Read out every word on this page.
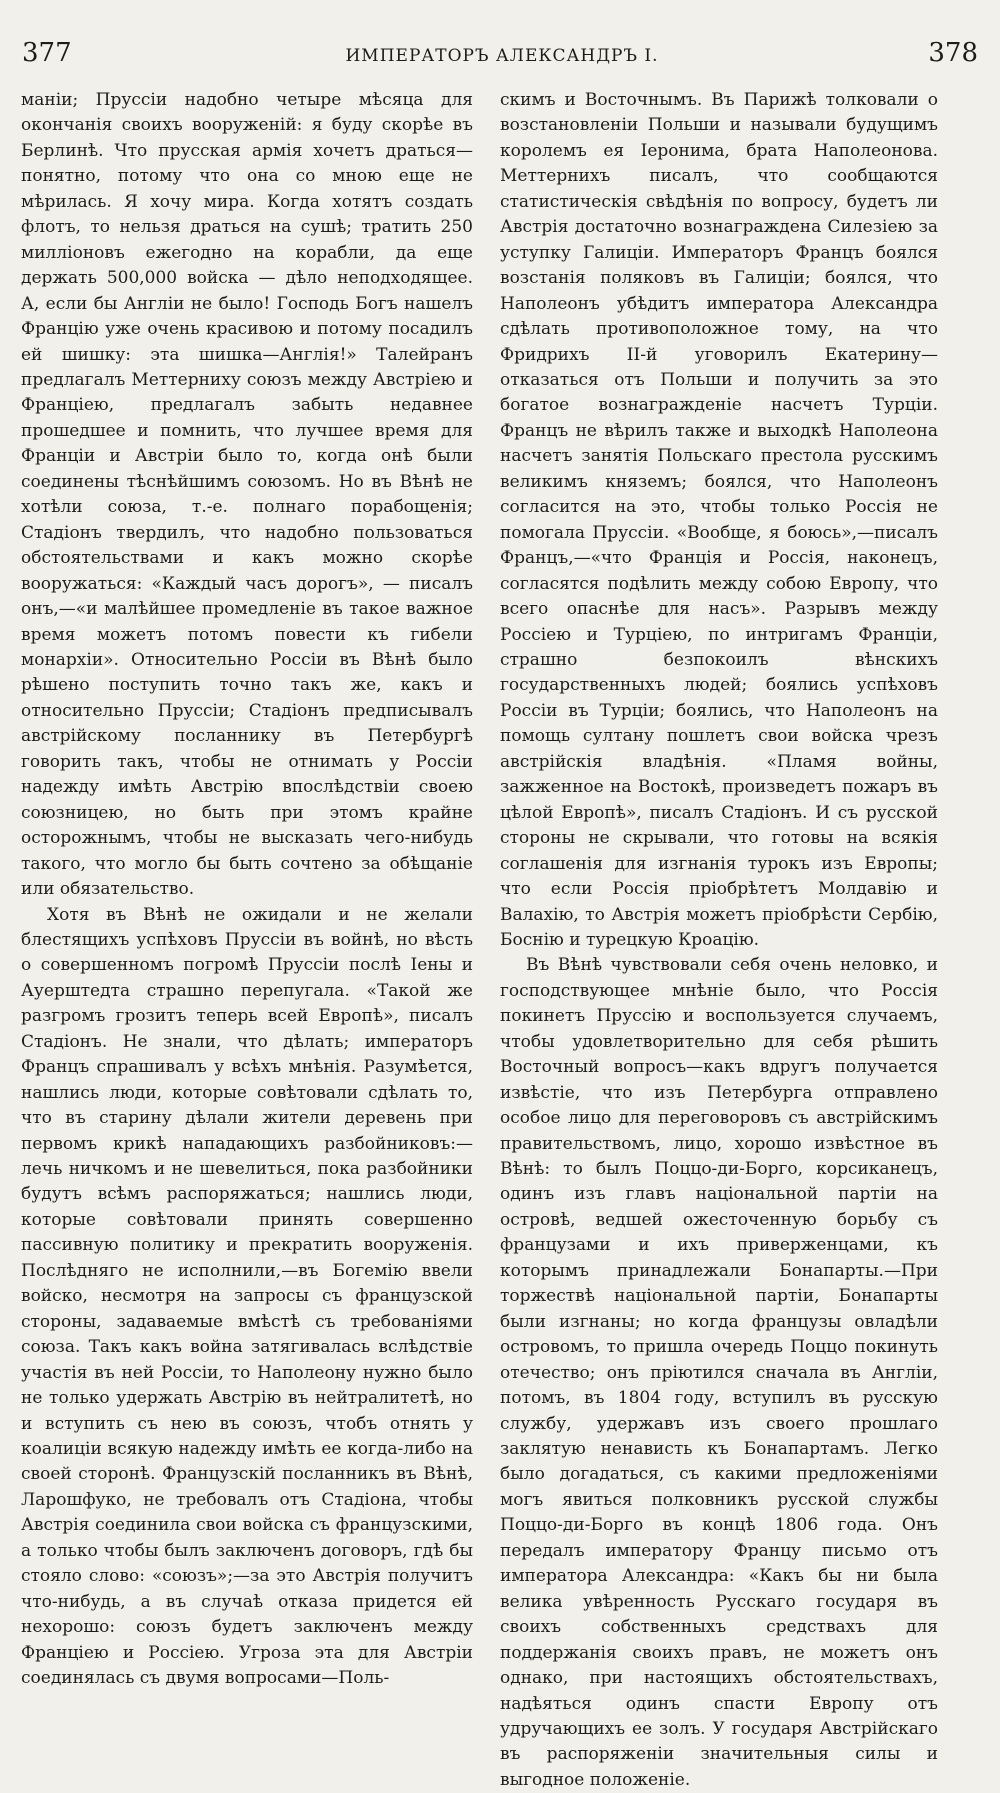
377	ИМПЕРАТОРЪ АЛЕКСАНДРЪ I.	378

маніи; Пруссіи надобно четыре мѣсяца для окончанія своихъ вооруженій: я буду скорѣе въ Берлинѣ. Что прусская армія хочетъ драться—понятно, потому что она со мною еще не мѣрилась. Я хочу мира. Когда хотятъ создать флотъ, то нельзя драться на сушѣ; тратить 250 милліоновъ ежегодно на корабли, да еще держать 500,000 войска — дѣло неподходящее. А, если бы Англіи не было! Господь Богъ нашелъ Францію уже очень красивою и потому посадилъ ей шишку: эта шишка—Англія!» Талейранъ предлагалъ Меттерниху союзъ между Австріею и Франціею, предлагалъ забыть недавнее прошедшее и помнить, что лучшее время для Франціи и Австріи было то, когда онѣ были соединены тѣснѣйшимъ союзомъ. Но въ Вѣнѣ не хотѣли союза, т.-е. полнаго порабощенія; Стадіонъ твердилъ, что надобно пользоваться обстоятельствами и какъ можно скорѣе вооружаться: «Каждый часъ дорогъ», — писалъ онъ,—«и малѣйшее промедленіе въ такое важное время можетъ потомъ повести къ гибели монархіи». Относительно Россіи въ Вѣнѣ было рѣшено поступить точно такъ же, какъ и относительно Пруссіи; Стадіонъ предписывалъ австрійскому посланнику въ Петербургѣ говорить такъ, чтобы не отнимать у Россіи надежду имѣть Австрію впослѣдствіи своею союзницею, но быть при этомъ крайне осторожнымъ, чтобы не высказать чего-нибудь такого, что могло бы быть сочтено за обѣщаніе или обязательство.

Хотя въ Вѣнѣ не ожидали и не желали блестящихъ успѣховъ Пруссіи въ войнѣ, но вѣсть о совершенномъ погромѣ Пруссіи послѣ Іены и Ауерштедта страшно перепугала. «Такой же разгромъ грозитъ теперь всей Европѣ», писалъ Стадіонъ. Не знали, что дѣлать; императоръ Францъ спрашивалъ у всѣхъ мнѣнія. Разумѣется, нашлись люди, которые совѣтовали сдѣлать то, что въ старину дѣлали жители деревень при первомъ крикѣ нападающихъ разбойниковъ:—лечь ничкомъ и не шевелиться, пока разбойники будутъ всѣмъ распоряжаться; нашлись люди, которые совѣтовали принять совершенно пассивную политику и прекратить вооруженія. Послѣдняго не исполнили,—въ Богемію ввели войско, несмотря на запросы съ французской стороны, задаваемые вмѣстѣ съ требованіями союза. Такъ какъ война затягивалась вслѣдствіе участія въ ней Россіи, то Наполеону нужно было не только удержать Австрію въ нейтралитетѣ, но и вступить съ нею въ союзъ, чтобъ отнять у коалиціи всякую надежду имѣть ее когда-либо на своей сторонѣ. Французскій посланникъ въ Вѣнѣ, Ларошфуко, не требовалъ отъ Стадіона, чтобы Австрія соединила свои войска съ французскими, а только чтобы былъ заключенъ договоръ, гдѣ бы стояло слово: «союзъ»;—за это Австрія получитъ что-нибудь, а въ случаѣ отказа придется ей нехорошо: союзъ будетъ заключенъ между Франціею и Россіею. Угроза эта для Австріи соединялась съ двумя вопросами—Поль-

скимъ и Восточнымъ. Въ Парижѣ толковали о возстановленіи Польши и называли будущимъ королемъ ея Іеронима, брата Наполеонова. Меттернихъ писалъ, что сообщаются статистическія свѣдѣнія по вопросу, будетъ ли Австрія достаточно вознаграждена Силезіею за уступку Галиціи. Императоръ Францъ боялся возстанія поляковъ въ Галиціи; боялся, что Наполеонъ убѣдитъ императора Александра сдѣлать противоположное тому, на что Фридрихъ II-й уговорилъ Екатерину—отказаться отъ Польши и получить за это богатое вознагражденіе насчетъ Турціи. Францъ не вѣрилъ также и выходкѣ Наполеона насчетъ занятія Польскаго престола русскимъ великимъ княземъ; боялся, что Наполеонъ согласится на это, чтобы только Россія не помогала Пруссіи. «Вообще, я боюсь»,—писалъ Францъ,—«что Франція и Россія, наконецъ, согласятся подѣлить между собою Европу, что всего опаснѣе для насъ». Разрывъ между Россіею и Турціею, по интригамъ Франціи, страшно безпокоилъ вѣнскихъ государственныхъ людей; боялись успѣховъ Россіи въ Турціи; боялись, что Наполеонъ на помощь султану пошлетъ свои войска чрезъ австрійскія владѣнія. «Пламя войны, зажженное на Востокѣ, произведетъ пожаръ въ цѣлой Европѣ», писалъ Стадіонъ. И съ русской стороны не скрывали, что готовы на всякія соглашенія для изгнанія турокъ изъ Европы; что если Россія пріобрѣтетъ Молдавію и Валахію, то Австрія можетъ пріобрѣсти Сербію, Боснію и турецкую Кроацію.

Въ Вѣнѣ чувствовали себя очень неловко, и господствующее мнѣніе было, что Россія покинетъ Пруссію и воспользуется случаемъ, чтобы удовлетворительно для себя рѣшить Восточный вопросъ—какъ вдругъ получается извѣстіе, что изъ Петербурга отправлено особое лицо для переговоровъ съ австрійскимъ правительствомъ, лицо, хорошо извѣстное въ Вѣнѣ: то былъ Поццо-ди-Борго, корсиканецъ, одинъ изъ главъ національной партіи на островѣ, ведшей ожесточенную борьбу съ французами и ихъ приверженцами, къ которымъ принадлежали Бонапарты.—При торжествѣ національной партіи, Бонапарты были изгнаны; но когда французы овладѣли островомъ, то пришла очередь Поццо покинуть отечество; онъ пріютился сначала въ Англіи, потомъ, въ 1804 году, вступилъ въ русскую службу, удержавъ изъ своего прошлаго заклятую ненависть къ Бонапартамъ. Легко было догадаться, съ какими предложеніями могъ явиться полковникъ русской службы Поццо-ди-Борго въ концѣ 1806 года. Онъ передалъ императору Францу письмо отъ императора Александра: «Какъ бы ни была велика увѣренность Русскаго государя въ своихъ собственныхъ средствахъ для поддержанія своихъ правъ, не можетъ онъ однако, при настоящихъ обстоятельствахъ, надѣяться одинъ спасти Европу отъ удручающихъ ее золъ. У государя Австрійскаго въ распоряженіи значительныя силы и выгодное положеніе.
